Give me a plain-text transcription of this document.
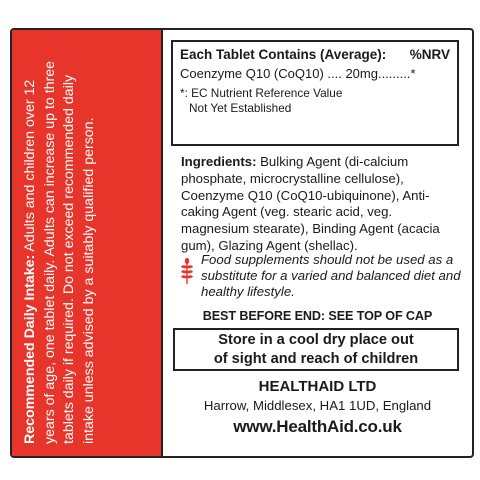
Recommended Daily Intake: Adults and children over 12 years of age, one tablet daily. Adults can increase up to three tablets daily if required. Do not exceed recommended daily intake unless advised by a suitably qualified person.
Each Tablet Contains (Average): %NRV
Coenzyme Q10 (CoQ10) .... 20mg.........*
*: EC Nutrient Reference Value
Not Yet Established
Ingredients: Bulking Agent (di-calcium phosphate, microcrystalline cellulose), Coenzyme Q10 (CoQ10-ubiquinone), Anti-caking Agent (veg. stearic acid, veg. magnesium stearate), Binding Agent (acacia gum), Glazing Agent (shellac).
Food supplements should not be used as a substitute for a varied and balanced diet and healthy lifestyle.
BEST BEFORE END: SEE TOP OF CAP
Store in a cool dry place out
of sight and reach of children
HEALTHAID LTD
Harrow, Middlesex, HA1 1UD, England
www.HealthAid.co.uk
